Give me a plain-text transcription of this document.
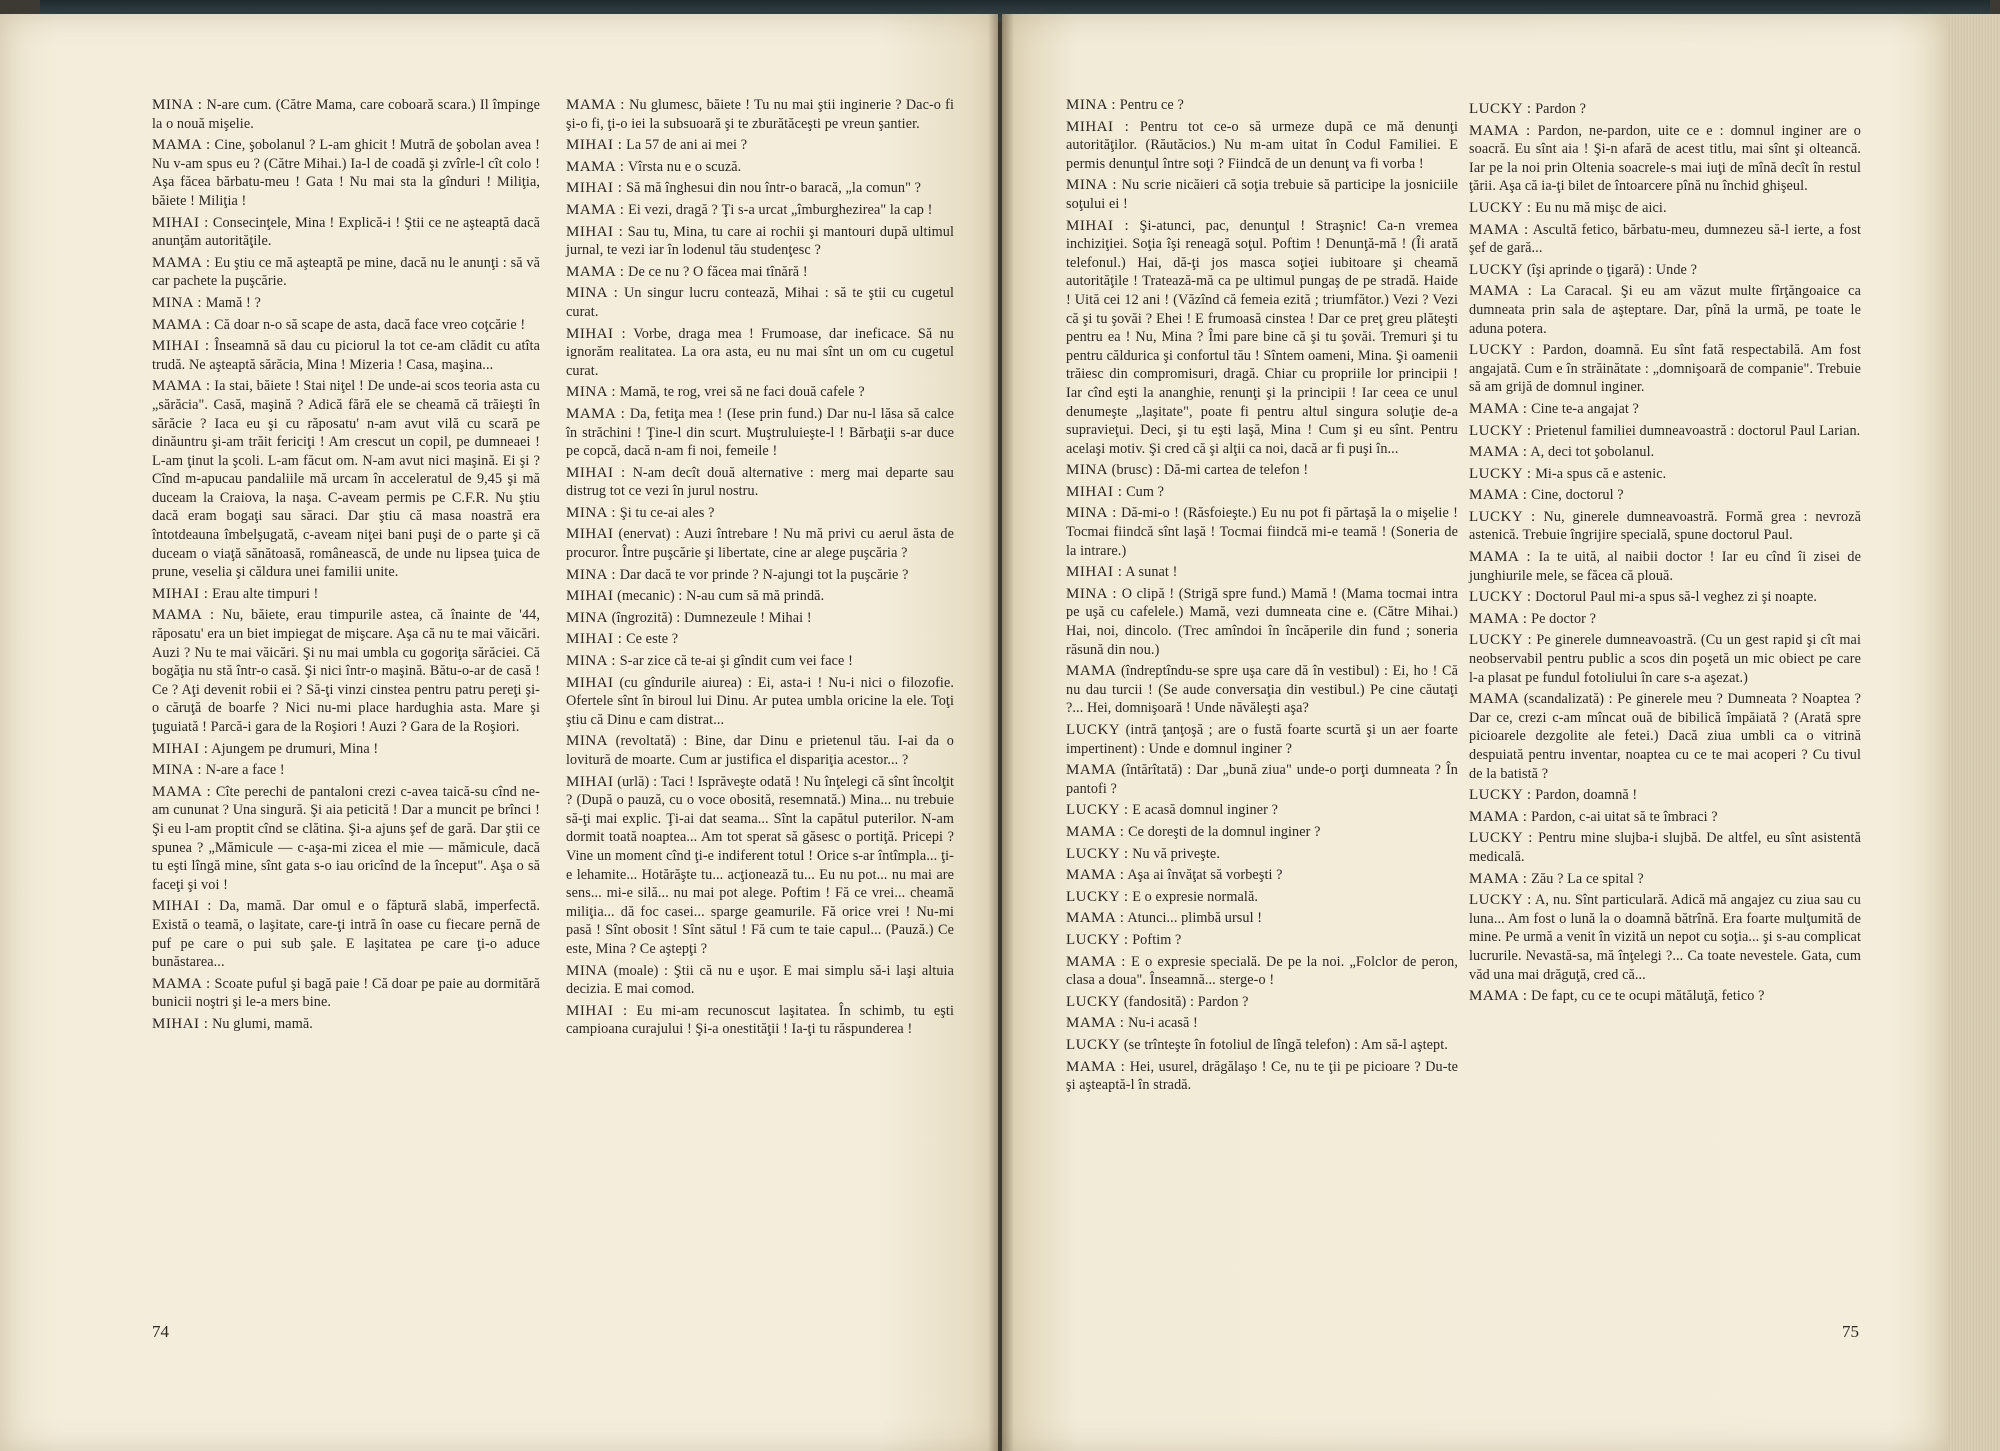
MINA : N-are cum. (Către Mama, care coboară scara.) Il împinge la o nouă mişelie.

MAMA : Cine, şobolanul ? L-am ghicit ! Mutră de şobolan avea ! Nu v-am spus eu ? (Către Mihai.) Ia-l de coadă şi zvîrle-l cît colo ! Aşa făcea bărbatu-meu ! Gata ! Nu mai sta la gînduri ! Miliţia, băiete ! Miliţia !

MIHAI : Consecinţele, Mina ! Explică-i ! Ştii ce ne aşteaptă dacă anunţăm autorităţile.

MAMA : Eu ştiu ce mă aşteaptă pe mine, dacă nu le anunţi : să vă car pachete la puşcărie.

MINA : Mamă ! ?

MAMA : Că doar n-o să scape de asta, dacă face vreo coţcărie !

MIHAI : Înseamnă să dau cu piciorul la tot ce-am clădit cu atîta trudă. Ne aşteaptă sărăcia, Mina ! Mizeria ! Casa, maşina...

MAMA : Ia stai, băiete ! Stai niţel ! De unde-ai scos teoria asta cu „sărăcia". Casă, maşină ? Adică fără ele se cheamă că trăieşti în sărăcie ? Iaca eu şi cu răposatu' n-am avut vilă cu scară pe dinăuntru şi-am trăit fericiţi ! Am crescut un copil, pe dumneaei ! L-am ţinut la şcoli. L-am făcut om. N-am avut nici maşină. Ei şi ? Cînd m-apucau pandaliile mă urcam în acceleratul de 9,45 şi mă duceam la Craiova, la naşa. C-aveam permis pe C.F.R. Nu ştiu dacă eram bogaţi sau săraci. Dar ştiu că masa noastră era întotdeauna îmbelşugată, c-aveam niţei bani puşi de o parte şi că duceam o viaţă sănătoasă, românească, de unde nu lipsea ţuica de prune, veselia şi căldura unei familii unite.

MIHAI : Erau alte timpuri !

MAMA : Nu, băiete, erau timpurile astea, că înainte de '44, răposatu' era un biet impiegat de mişcare. Aşa că nu te mai văicări. Auzi ? Nu te mai văicări. Şi nu mai umbla cu gogoriţa sărăciei. Că bogăţia nu stă într-o casă. Şi nici într-o maşină. Bătu-o-ar de casă ! Ce ? Aţi devenit robii ei ? Să-ţi vinzi cinstea pentru patru pereţi şi-o căruţă de boarfe ? Nici nu-mi place hardughia asta. Mare şi ţuguiată ! Parcă-i gara de la Roşiori ! Auzi ? Gara de la Roşiori.

MIHAI : Ajungem pe drumuri, Mina !

MINA : N-are a face !

MAMA : Cîte perechi de pantaloni crezi c-avea taică-su cînd ne-am cununat ? Una singură. Şi aia peticită ! Dar a muncit pe brînci ! Şi eu l-am proptit cînd se clătina. Şi-a ajuns şef de gară. Dar ştii ce spunea ? „Mămicule — c-aşa-mi zicea el mie — mămicule, dacă tu eşti lîngă mine, sînt gata s-o iau oricînd de la început". Aşa o să faceţi şi voi !

MIHAI : Da, mamă. Dar omul e o făptură slabă, imperfectă. Există o teamă, o laşitate, care-ţi intră în oase cu fiecare pernă de puf pe care o pui sub şale. E laşitatea pe care ţi-o aduce bunăstarea...

MAMA : Scoate puful şi bagă paie ! Că doar pe paie au dormitără bunicii noştri şi le-a mers bine.

MIHAI : Nu glumi, mamă.

MAMA : Nu glumesc, băiete ! Tu nu mai ştii inginerie ? Dac-o fi şi-o fi, ţi-o iei la subsuoară şi te zburătăceşti pe vreun şantier.

MIHAI : La 57 de ani ai mei ?

MAMA : Vîrsta nu e o scuză.

MIHAI : Să mă înghesui din nou într-o baracă, „la comun" ?

MAMA : Ei vezi, dragă ? Ţi s-a urcat „îmburghezirea" la cap !

MIHAI : Sau tu, Mina, tu care ai rochii şi mantouri după ultimul jurnal, te vezi iar în lodenul tău studenţesc ?

MAMA : De ce nu ? O făcea mai tînără !

MINA : Un singur lucru contează, Mihai : să te ştii cu cugetul curat.

MIHAI : Vorbe, draga mea ! Frumoase, dar ineficace. Să nu ignorăm realitatea. La ora asta, eu nu mai sînt un om cu cugetul curat.

MINA : Mamă, te rog, vrei să ne faci două cafele ?

MAMA : Da, fetiţa mea ! (Iese prin fund.) Dar nu-l lăsa să calce în străchini ! Ţine-l din scurt. Muştruluieşte-l ! Bărbaţii s-ar duce pe copcă, dacă n-am fi noi, femeile !

MIHAI : N-am decît două alternative : merg mai departe sau distrug tot ce vezi în jurul nostru.

MINA : Şi tu ce-ai ales ?

MIHAI (enervat) : Auzi întrebare ! Nu mă privi cu aerul ăsta de procuror. Între puşcărie şi libertate, cine ar alege puşcăria ?

MINA : Dar dacă te vor prinde ? N-ajungi tot la puşcărie ?

MIHAI (mecanic) : N-au cum să mă prindă.

MINA (îngrozită) : Dumnezeule ! Mihai !

MIHAI : Ce este ?

MINA : S-ar zice că te-ai şi gîndit cum vei face !

MIHAI (cu gîndurile aiurea) : Ei, asta-i ! Nu-i nici o filozofie. Ofertele sînt în biroul lui Dinu. Ar putea umbla oricine la ele. Toţi ştiu că Dinu e cam distrat...

MINA (revoltată) : Bine, dar Dinu e prietenul tău. I-ai da o lovitură de moarte. Cum ar justifica el dispariţia acestor... ?

MIHAI (urlă) : Taci ! Isprăveşte odată ! Nu înţelegi că sînt încolţit ? (După o pauză, cu o voce obosită, resemnată.) Mina... nu trebuie să-ţi mai explic. Ţi-ai dat seama... Sînt la capătul puterilor. N-am dormit toată noaptea... Am tot sperat să găsesc o portiţă. Pricepi ? Vine un moment cînd ţi-e indiferent totul ! Orice s-ar întîmpla... ţi-e lehamite... Hotărăşte tu... acţionează tu... Eu nu pot... nu mai are sens... mi-e silă... nu mai pot alege. Poftim ! Fă ce vrei... cheamă miliţia... dă foc casei... sparge geamurile. Fă orice vrei ! Nu-mi pasă ! Sînt obosit ! Sînt sătul ! Fă cum te taie capul... (Pauză.) Ce este, Mina ? Ce aştepţi ?

MINA (moale) : Ştii că nu e uşor. E mai simplu să-i laşi altuia decizia. E mai comod.

MIHAI : Eu mi-am recunoscut laşitatea. În schimb, tu eşti campioana curajului ! Şi-a onestităţii ! Ia-ţi tu răspunderea !

MINA : Pentru ce ?

MIHAI : Pentru tot ce-o să urmeze după ce mă denunţi autorităţilor. (Răutăcios.) Nu m-am uitat în Codul Familiei. E permis denunţul între soţi ? Fiindcă de un denunţ va fi vorba !

MINA : Nu scrie nicăieri că soţia trebuie să participe la josniciile soţului ei !

MIHAI : Şi-atunci, pac, denunţul ! Straşnic! Ca-n vremea inchiziţiei. Soţia îşi reneagă soţul. Poftim ! Denunţă-mă ! (Îi arată telefonul.) Hai, dă-ţi jos masca soţiei iubitoare şi cheamă autorităţile ! Tratează-mă ca pe ultimul pungaş de pe stradă. Haide ! Uită cei 12 ani ! (Văzînd că femeia ezită ; triumfător.) Vezi ? Vezi că şi tu şovăi ? Ehei ! E frumoasă cinstea ! Dar ce preţ greu plăteşti pentru ea ! Nu, Mina ? Îmi pare bine că şi tu şovăi. Tremuri şi tu pentru căldurica şi confortul tău ! Sîntem oameni, Mina. Şi oamenii trăiesc din compromisuri, dragă. Chiar cu propriile lor principii ! Iar cînd eşti la ananghie, renunţi şi la principii ! Iar ceea ce unul denumeşte „laşitate", poate fi pentru altul singura soluţie de-a supravieţui. Deci, şi tu eşti laşă, Mina ! Cum şi eu sînt. Pentru acelaşi motiv. Şi cred că şi alţii ca noi, dacă ar fi puşi în...

MINA (brusc) : Dă-mi cartea de telefon !

MIHAI : Cum ?

MINA : Dă-mi-o ! (Răsfoieşte.) Eu nu pot fi părtaşă la o mişelie ! Tocmai fiindcă sînt laşă ! Tocmai fiindcă mi-e teamă ! (Soneria de la intrare.)

MIHAI : A sunat !

MINA : O clipă ! (Strigă spre fund.) Mamă ! (Mama tocmai intra pe uşă cu cafelele.) Mamă, vezi dumneata cine e. (Către Mihai.) Hai, noi, dincolo. (Trec amîndoi în încăperile din fund ; soneria răsună din nou.)

MAMA (îndreptîndu-se spre uşa care dă în vestibul) : Ei, ho ! Că nu dau turcii ! (Se aude conversaţia din vestibul.) Pe cine căutaţi ?... Hei, domnişoară ! Unde năvăleşti aşa?

LUCKY (intră ţanţoşă ; are o fustă foarte scurtă şi un aer foarte impertinent) : Unde e domnul inginer ?

MAMA (întărîtată) : Dar „bună ziua" unde-o porţi dumneata ? În pantofi ?

LUCKY : E acasă domnul inginer ?

MAMA : Ce doreşti de la domnul inginer ?

LUCKY : Nu vă priveşte.

MAMA : Aşa ai învăţat să vorbeşti ?

LUCKY : E o expresie normală.

MAMA : Atunci... plimbă ursul !

LUCKY : Poftim ?

MAMA : E o expresie specială. De pe la noi. „Folclor de peron, clasa a doua". Înseamnă... sterge-o !

LUCKY (fandosită) : Pardon ?

MAMA : Nu-i acasă !

LUCKY (se trînteşte în fotoliul de lîngă telefon) : Am să-l aştept.

MAMA : Hei, usurel, drăgălaşo ! Ce, nu te ţii pe picioare ? Du-te şi aşteaptă-l în stradă.

LUCKY : Pardon ?

MAMA : Pardon, ne-pardon, uite ce e : domnul inginer are o soacră. Eu sînt aia ! Şi-n afară de acest titlu, mai sînt şi olteancă. Iar pe la noi prin Oltenia soacrele-s mai iuţi de mînă decît în restul ţării. Aşa că ia-ţi bilet de întoarcere pînă nu închid ghişeul.

LUCKY : Eu nu mă mişc de aici.

MAMA : Ascultă fetico, bărbatu-meu, dumnezeu să-l ierte, a fost şef de gară...

LUCKY (îşi aprinde o ţigară) : Unde ?

MAMA : La Caracal. Şi eu am văzut multe fîrţăngoaice ca dumneata prin sala de aşteptare. Dar, pînă la urmă, pe toate le aduna poterа.

LUCKY : Pardon, doamnă. Eu sînt fată respectabilă. Am fost angajată. Cum e în străinătate : „domnişoară de companie". Trebuie să am grijă de domnul inginer.

MAMA : Cine te-a angajat ?

LUCKY : Prietenul familiei dumneavoastră : doctorul Paul Larian.

MAMA : A, deci tot şobolanul.

LUCKY : Mi-a spus că e astenic.

MAMA : Cine, doctorul ?

LUCKY : Nu, ginerele dumneavoastră. Formă grea : nevroză astenică. Trebuie îngrijire specială, spune doctorul Paul.

MAMA : Ia te uită, al naibii doctor ! Iar eu cînd îi zisei de junghiurile mele, se făcea că plouă.

LUCKY : Doctorul Paul mi-a spus să-l veghez zi şi noapte.

MAMA : Pe doctor ?

LUCKY : Pe ginerele dumneavoastră. (Cu un gest rapid şi cît mai neobservabil pentru public a scos din poşetă un mic obiect pe care l-a plasat pe fundul fotoliului în care s-a aşezat.)

MAMA (scandalizată) : Pe ginerele meu ? Dumneata ? Noaptea ? Dar ce, crezi c-am mîncat ouă de bibilică împăiată ? (Arată spre picioarele dezgolite ale fetei.) Dacă ziua umbli ca o vitrină despuiată pentru inventar, noaptea cu ce te mai acoperi ? Cu tivul de la batistă ?

LUCKY : Pardon, doamnă !

MAMA : Pardon, c-ai uitat să te îmbraci ?

LUCKY : Pentru mine slujba-i slujbă. De altfel, eu sînt asistentă medicală.

MAMA : Zău ? La ce spital ?

LUCKY : A, nu. Sînt particulară. Adică mă angajez cu ziua sau cu luna... Am fost o lună la o doamnă bătrînă. Era foarte mulţumită de mine. Pe urmă a venit în vizită un nepot cu soţia... şi s-au complicat lucrurile. Nevastă-sa, mă înţelegi ?... Ca toate nevestele. Gata, cum văd una mai drăguţă, cred că...

MAMA : De fapt, cu ce te ocupi mătăluţă, fetico ?

74	75
